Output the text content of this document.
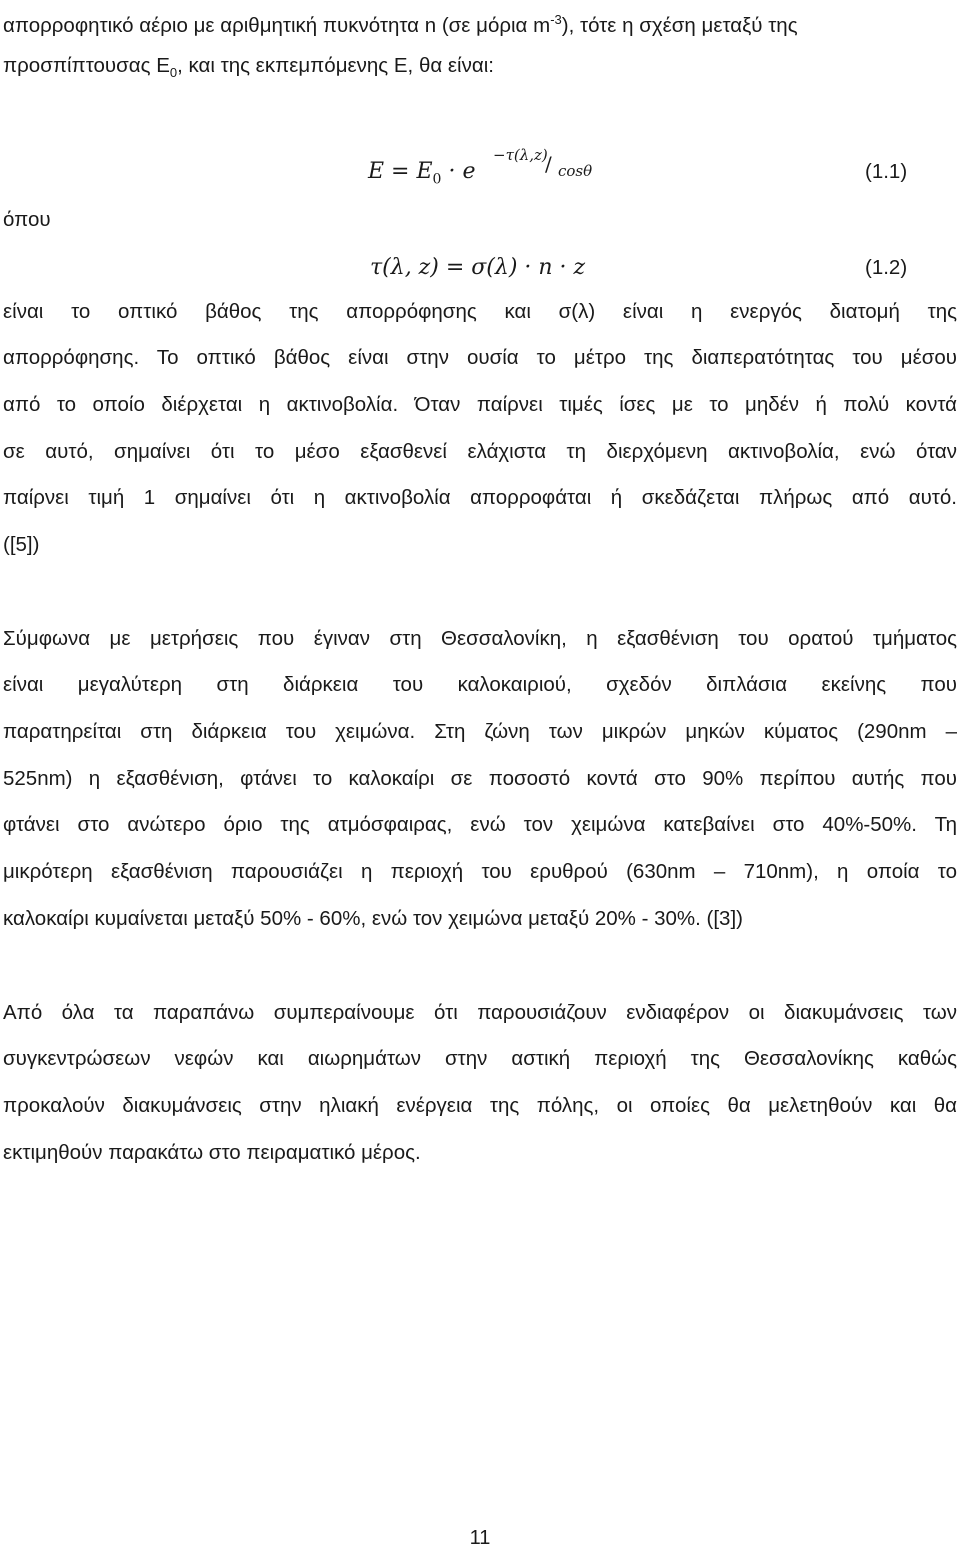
απορροφητικό αέριο με αριθμητική πυκνότητα n (σε μόρια $m^{-3}$), τότε η σχέση μεταξύ της
προσπίπτουσας $E_0$, και της εκπεμπόμενης E, θα είναι:
$E = E_0 \cdot e$
−τ(λ,z)
/ cosθ	(1.1)
όπου
τ(λ, z) = σ(λ) · n · z	(1.2)
είναι το οπτικό βάθος της απορρόφησης και σ(λ) είναι η ενεργός διατομή της
απορρόφησης. Το οπτικό βάθος είναι στην ουσία το μέτρο της διαπερατότητας του μέσου
από το οποίο διέρχεται η ακτινοβολία. Όταν παίρνει τιμές ίσες με το μηδέν ή πολύ κοντά
σε αυτό, σημαίνει ότι το μέσο εξασθενεί ελάχιστα τη διερχόμενη ακτινοβολία, ενώ όταν
παίρνει τιμή 1 σημαίνει ότι η ακτινοβολία απορροφάται ή σκεδάζεται πλήρως από αυτό.
([5])
Σύμφωνα με μετρήσεις που έγιναν στη Θεσσαλονίκη, η εξασθένιση του ορατού τμήματος
είναι μεγαλύτερη στη διάρκεια του καλοκαιριού, σχεδόν διπλάσια εκείνης που
παρατηρείται στη διάρκεια του χειμώνα. Στη ζώνη των μικρών μηκών κύματος (290nm –
525nm) η εξασθένιση, φτάνει το καλοκαίρι σε ποσοστό κοντά στο 90% περίπου αυτής που
φτάνει στο ανώτερο όριο της ατμόσφαιρας, ενώ τον χειμώνα κατεβαίνει στο 40%-50%. Τη
μικρότερη εξασθένιση παρουσιάζει η περιοχή του ερυθρού (630nm – 710nm), η οποία το
καλοκαίρι κυμαίνεται μεταξύ 50% - 60%, ενώ τον χειμώνα μεταξύ 20% - 30%. ([3])
Από όλα τα παραπάνω συμπεραίνουμε ότι παρουσιάζουν ενδιαφέρον οι διακυμάνσεις των
συγκεντρώσεων νεφών και αιωρημάτων στην αστική περιοχή της Θεσσαλονίκης καθώς
προκαλούν διακυμάνσεις στην ηλιακή ενέργεια της πόλης, οι οποίες θα μελετηθούν και θα
εκτιμηθούν παρακάτω στο πειραματικό μέρος.
11
